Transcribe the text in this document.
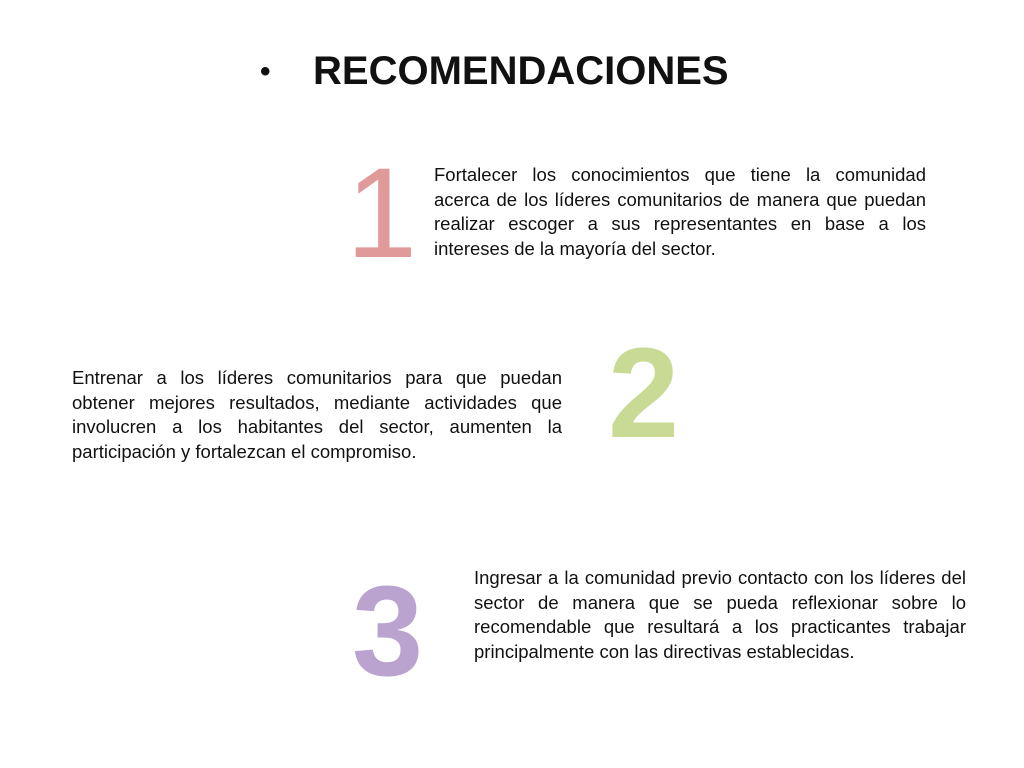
• RECOMENDACIONES
1 Fortalecer los conocimientos que tiene la comunidad acerca de los líderes comunitarios de manera que puedan realizar escoger a sus representantes en base a los intereses de la mayoría del sector.
2
Entrenar a los líderes comunitarios para que puedan obtener mejores resultados, mediante actividades que involucren a los habitantes del sector, aumenten la participación y fortalezcan el compromiso.
3	Ingresar a la comunidad previo contacto con los líderes del sector de manera que se pueda reflexionar sobre lo recomendable que resultará a los practicantes trabajar principalmente con las directivas establecidas.
